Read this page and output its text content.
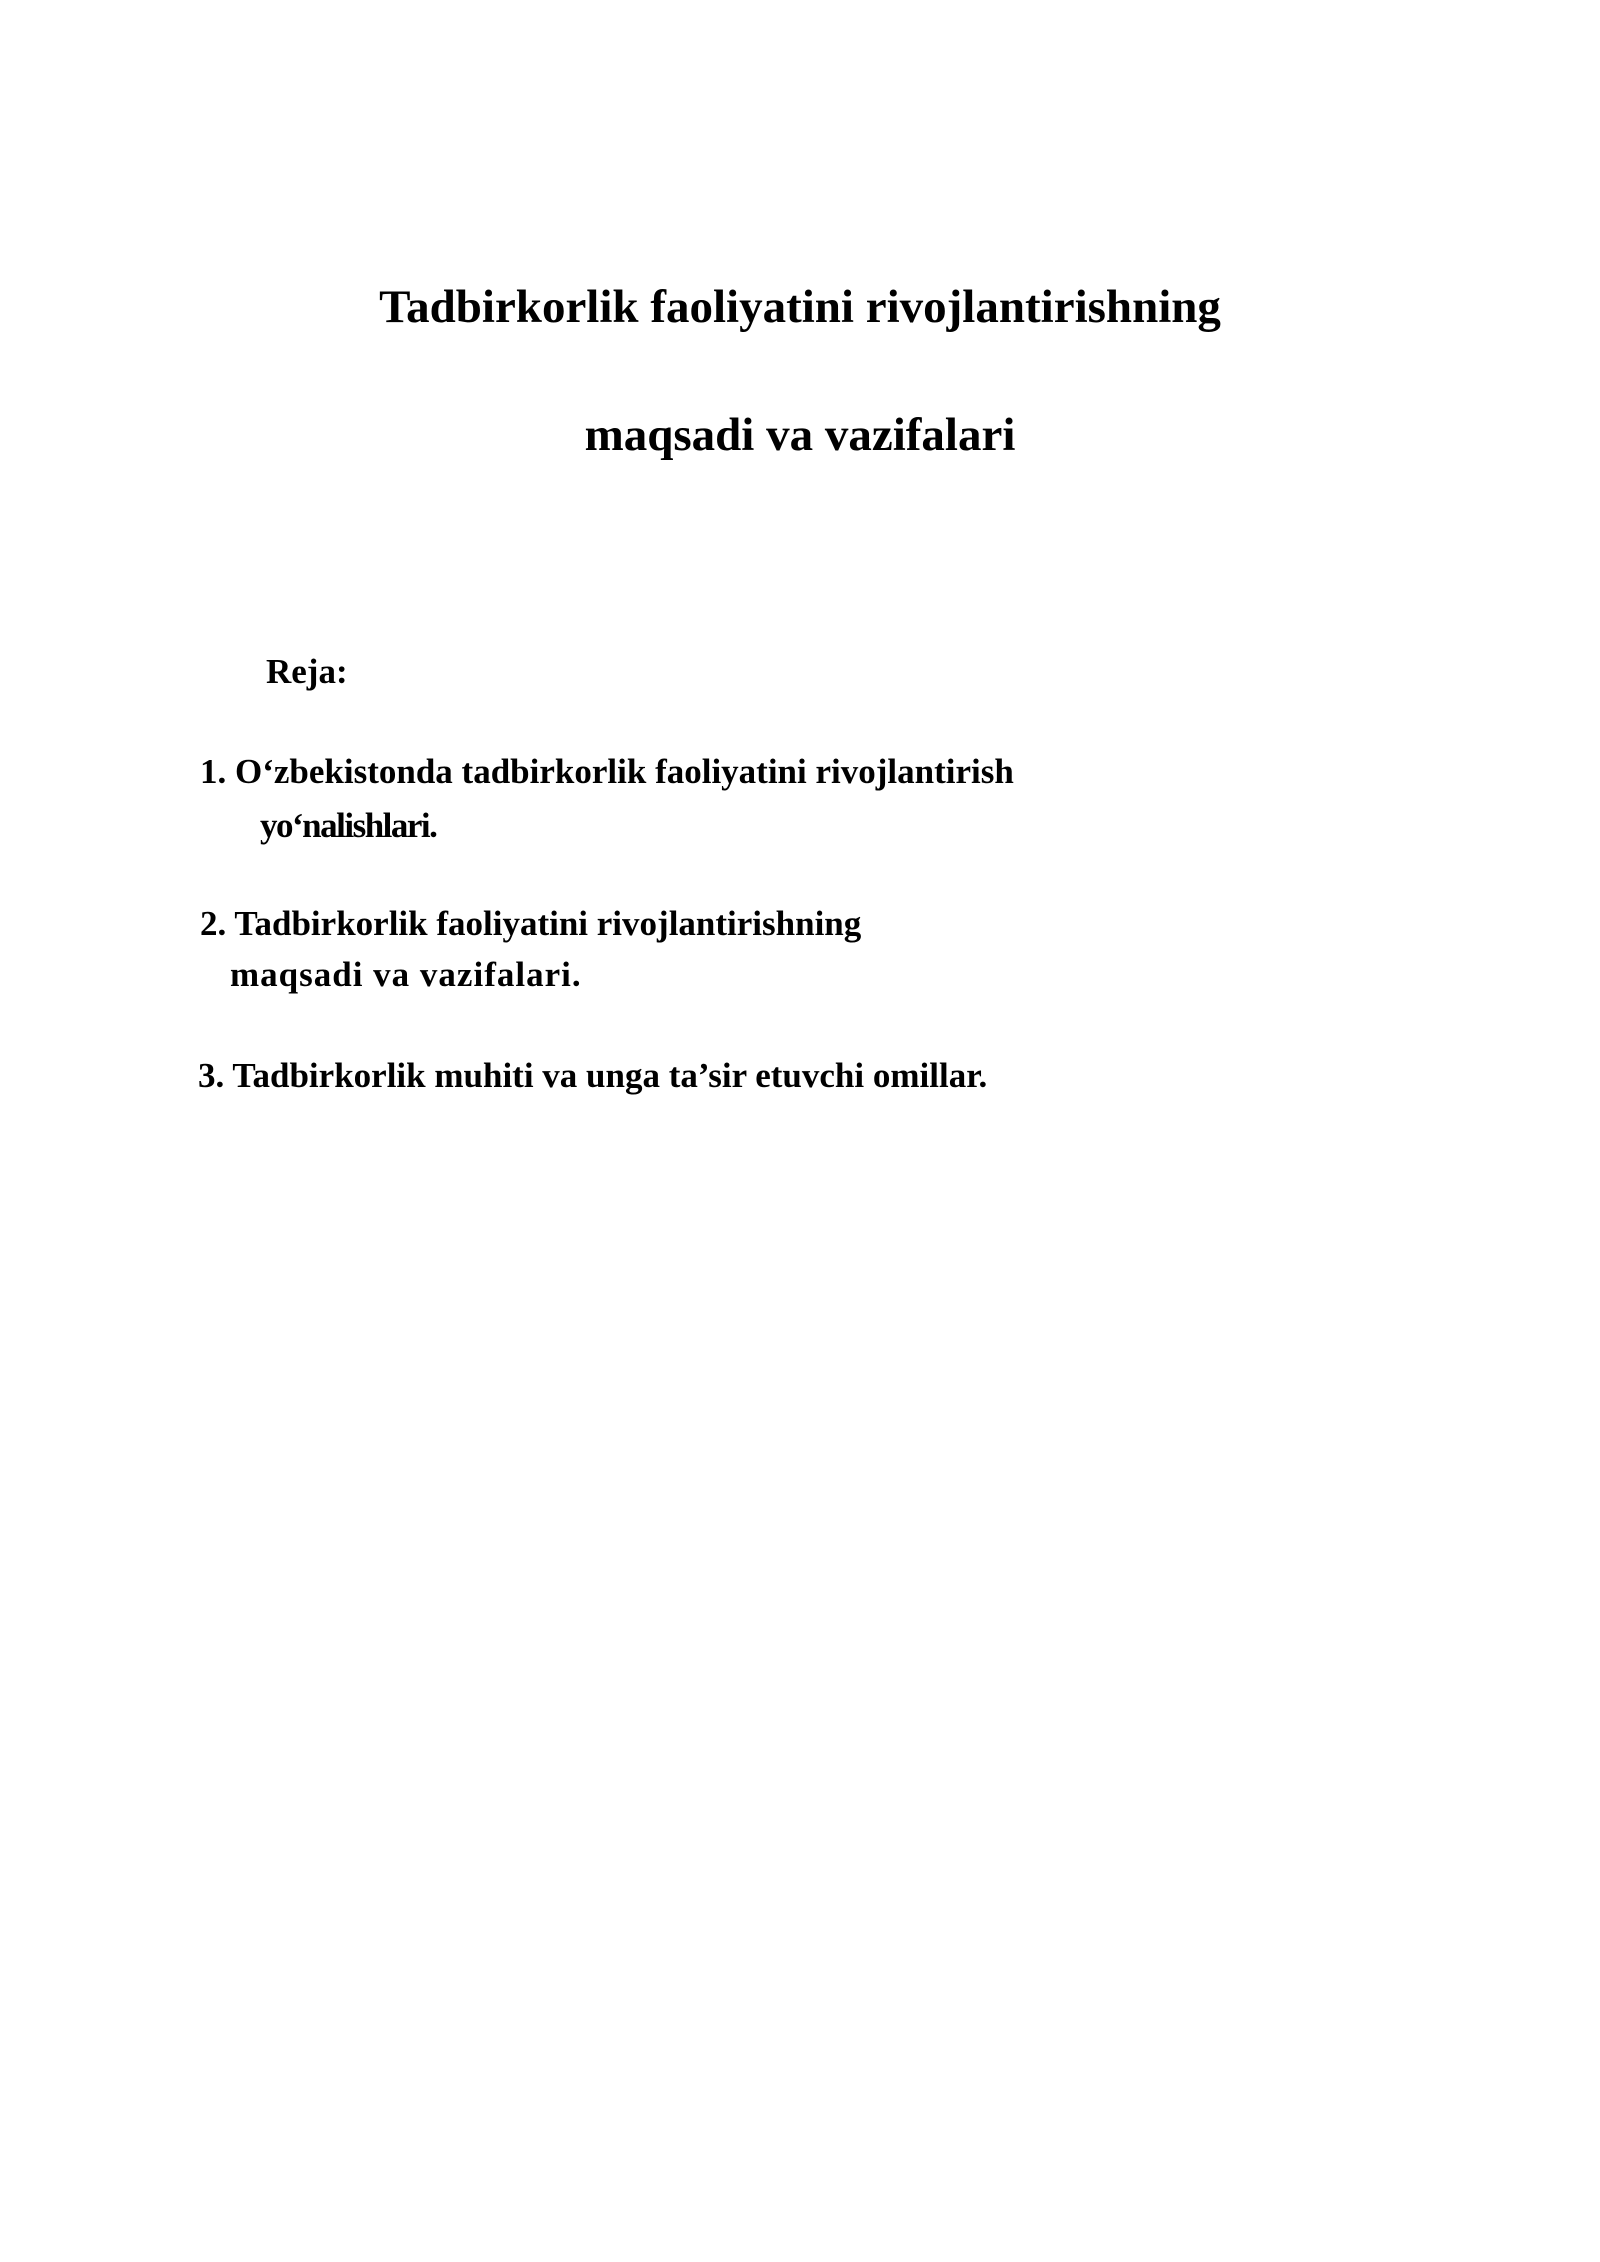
Tadbirkorlik faoliyatini rivojlantirishning
maqsadi va vazifalari
Reja:
1. O‘zbekistonda tadbirkorlik faoliyatini rivojlantirish
yo‘nalishlari.
2. Tadbirkorlik faoliyatini rivojlantirishning
maqsadi va vazifalari.
3. Tadbirkorlik muhiti va unga ta’sir etuvchi omillar.
